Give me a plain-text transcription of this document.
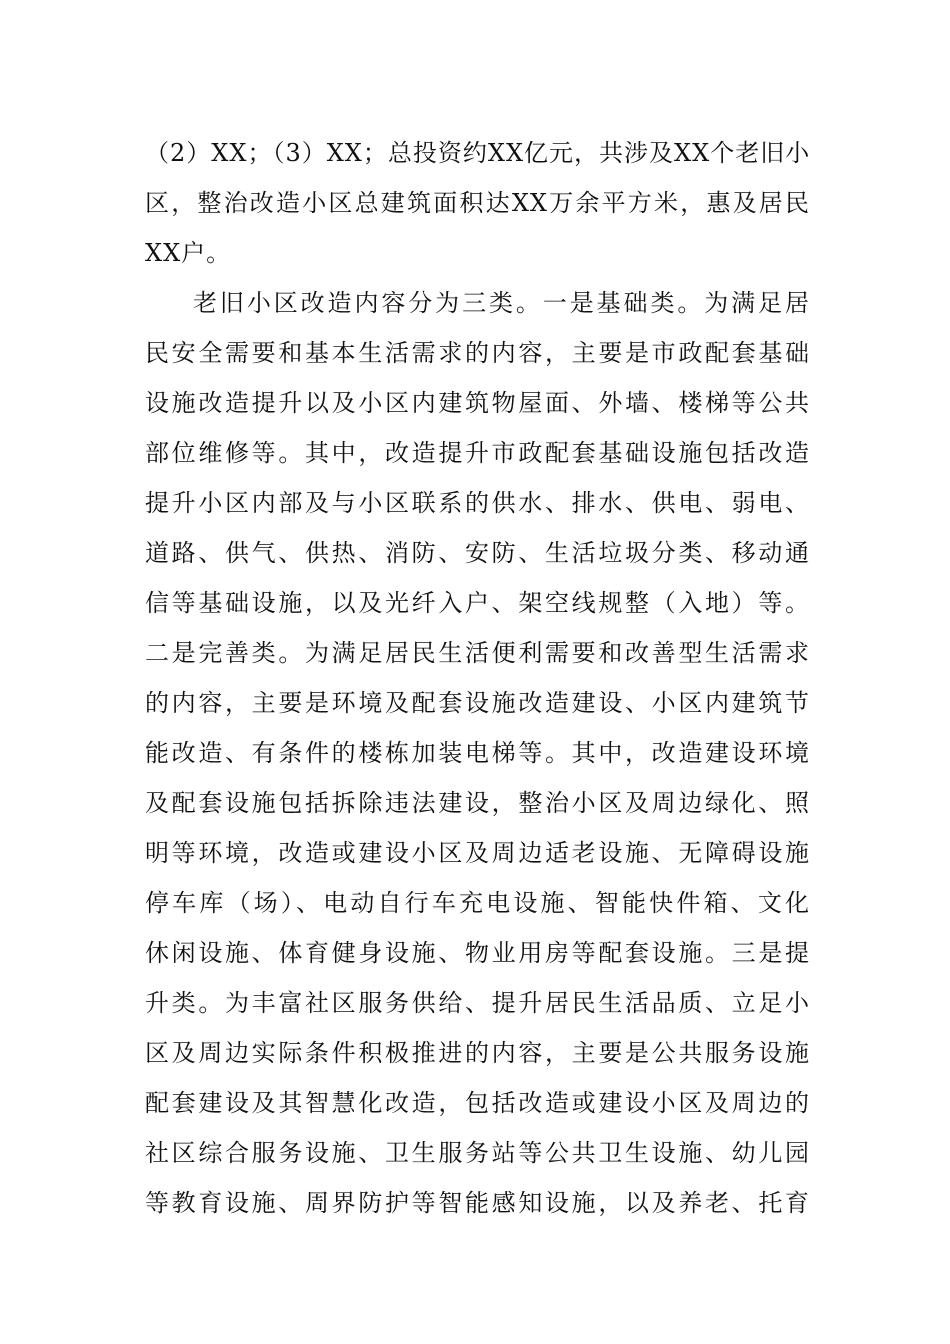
（2）XX；（3）XX；总投资约XX亿元，共涉及XX个老旧小
区，整治改造小区总建筑面积达XX万余平方米，惠及居民
XX户。
老旧小区改造内容分为三类。一是基础类。为满足居
民安全需要和基本生活需求的内容，主要是市政配套基础
设施改造提升以及小区内建筑物屋面、外墙、楼梯等公共
部位维修等。其中，改造提升市政配套基础设施包括改造
提升小区内部及与小区联系的供水、排水、供电、弱电、
道路、供气、供热、消防、安防、生活垃圾分类、移动通
信等基础设施，以及光纤入户、架空线规整（入地）等。
二是完善类。为满足居民生活便利需要和改善型生活需求
的内容，主要是环境及配套设施改造建设、小区内建筑节
能改造、有条件的楼栋加装电梯等。其中，改造建设环境
及配套设施包括拆除违法建设，整治小区及周边绿化、照
明等环境，改造或建设小区及周边适老设施、无障碍设施
停车库（场）、电动自行车充电设施、智能快件箱、文化
休闲设施、体育健身设施、物业用房等配套设施。三是提
升类。为丰富社区服务供给、提升居民生活品质、立足小
区及周边实际条件积极推进的内容，主要是公共服务设施
配套建设及其智慧化改造，包括改造或建设小区及周边的
社区综合服务设施、卫生服务站等公共卫生设施、幼儿园
等教育设施、周界防护等智能感知设施，以及养老、托育
